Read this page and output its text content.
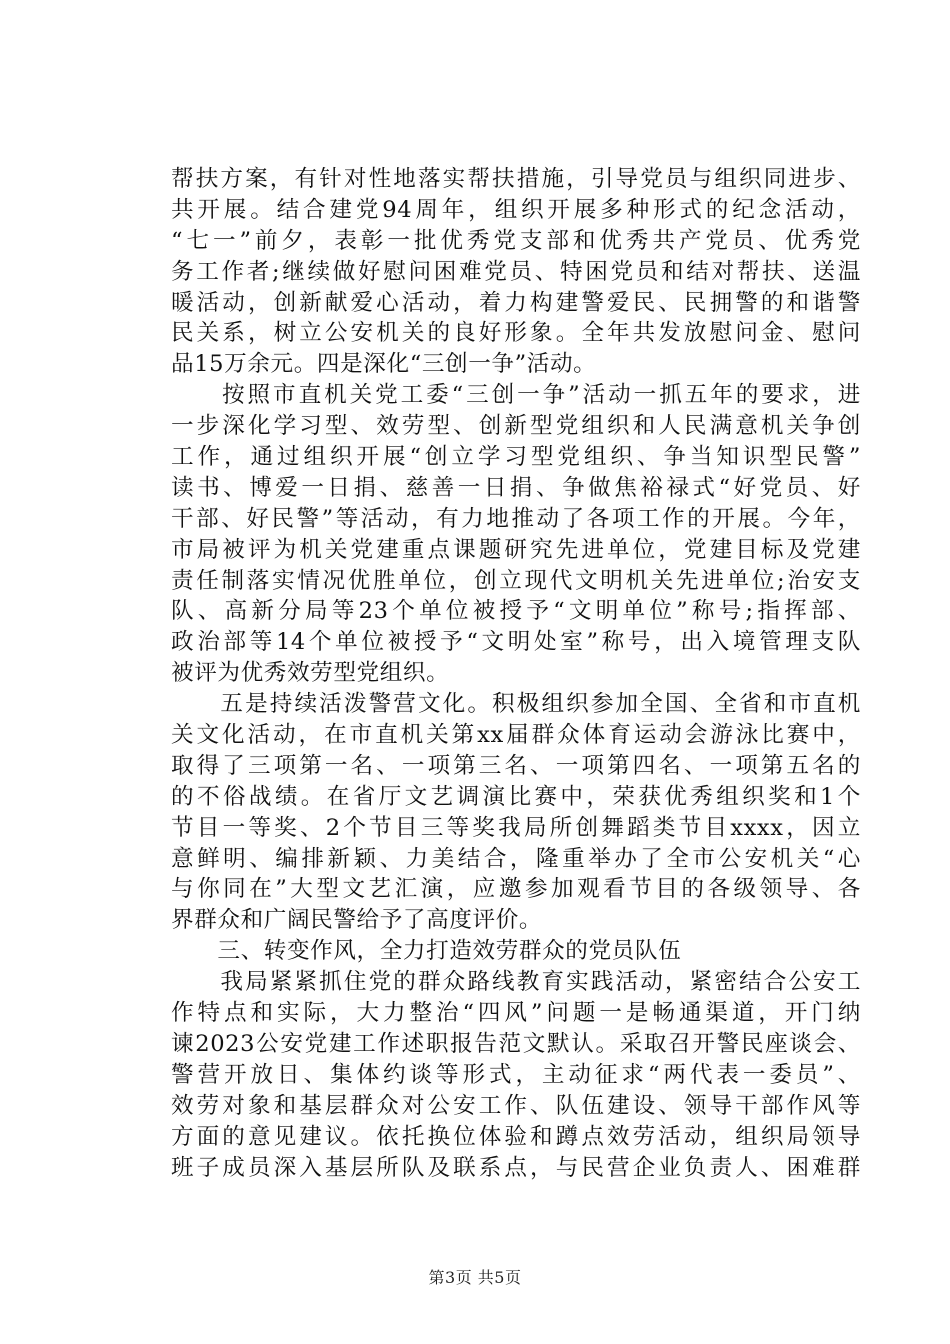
帮扶方案，有针对性地落实帮扶措施，引导党员与组织同进步、
共开展。结合建党94周年，组织开展多种形式的纪念活动，
“七一”前夕，表彰一批优秀党支部和优秀共产党员、优秀党
务工作者;继续做好慰问困难党员、特困党员和结对帮扶、送温
暖活动，创新献爱心活动，着力构建警爱民、民拥警的和谐警
民关系，树立公安机关的良好形象。全年共发放慰问金、慰问
品15万余元。四是深化“三创一争”活动。
　　按照市直机关党工委“三创一争”活动一抓五年的要求，进
一步深化学习型、效劳型、创新型党组织和人民满意机关争创
工作，通过组织开展“创立学习型党组织、争当知识型民警”
读书、博爱一日捐、慈善一日捐、争做焦裕禄式“好党员、好
干部、好民警”等活动，有力地推动了各项工作的开展。今年，
市局被评为机关党建重点课题研究先进单位，党建目标及党建
责任制落实情况优胜单位，创立现代文明机关先进单位;治安支
队、高新分局等23个单位被授予“文明单位”称号;指挥部、
政治部等14个单位被授予“文明处室”称号，出入境管理支队
被评为优秀效劳型党组织。
　　五是持续活泼警营文化。积极组织参加全国、全省和市直机
关文化活动，在市直机关第xx届群众体育运动会游泳比赛中，
取得了三项第一名、一项第三名、一项第四名、一项第五名的
的不俗战绩。在省厅文艺调演比赛中，荣获优秀组织奖和1个
节目一等奖、2个节目三等奖我局所创舞蹈类节目xxxx，因立
意鲜明、编排新颖、力美结合，隆重举办了全市公安机关“心
与你同在”大型文艺汇演，应邀参加观看节目的各级领导、各
界群众和广阔民警给予了高度评价。
　　三、转变作风，全力打造效劳群众的党员队伍
　　我局紧紧抓住党的群众路线教育实践活动，紧密结合公安工
作特点和实际，大力整治“四风”问题一是畅通渠道，开门纳
谏2023公安党建工作述职报告范文默认。采取召开警民座谈会、
警营开放日、集体约谈等形式，主动征求“两代表一委员”、
效劳对象和基层群众对公安工作、队伍建设、领导干部作风等
方面的意见建议。依托换位体验和蹲点效劳活动，组织局领导
班子成员深入基层所队及联系点，与民营企业负责人、困难群
第3页 共5页
